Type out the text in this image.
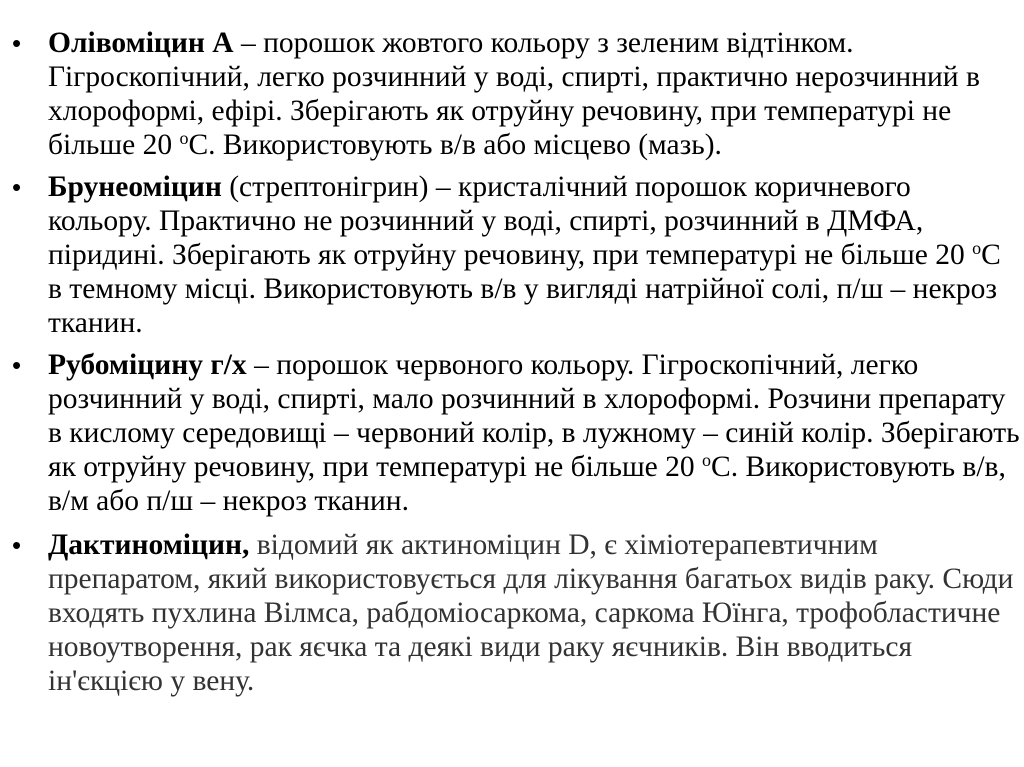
• Олівоміцин А – порошок жовтого кольору з зеленим відтінком. Гігроскопічний, легко розчинний у воді, спирті, практично нерозчинний в хлороформі, ефірі. Зберігають як отруйну речовину, при температурі не більше 20 $^о$С. Використовують в/в або місцево (мазь).
• Брунеоміцин (стрептонігрин) – кристалічний порошок коричневого кольору. Практично не розчинний у воді, спирті, розчинний в ДМФА, піридині. Зберігають як отруйну речовину, при температурі не більше 20 $^о$С в темному місці. Використовують в/в у вигляді натрійної солі, п/ш – некроз тканин.
• Рубоміцину г/х – порошок червоного кольору. Гігроскопічний, легко розчинний у воді, спирті, мало розчинний в хлороформі. Розчини препарату в кислому середовищі – червоний колір, в лужному – синій колір. Зберігають як отруйну речовину, при температурі не більше 20 $^о$С. Використовують в/в, в/м або п/ш – некроз тканин.
• Дактиноміцин, відомий як актиноміцин D, є хіміотерапевтичним препаратом, який використовується для лікування багатьох видів раку. Сюди входять пухлина Вілмса, рабдоміосаркома, саркома Юїнга, трофобластичне новоутворення, рак яєчка та деякі види раку яєчників. Він вводиться ін'єкцією у вену.
